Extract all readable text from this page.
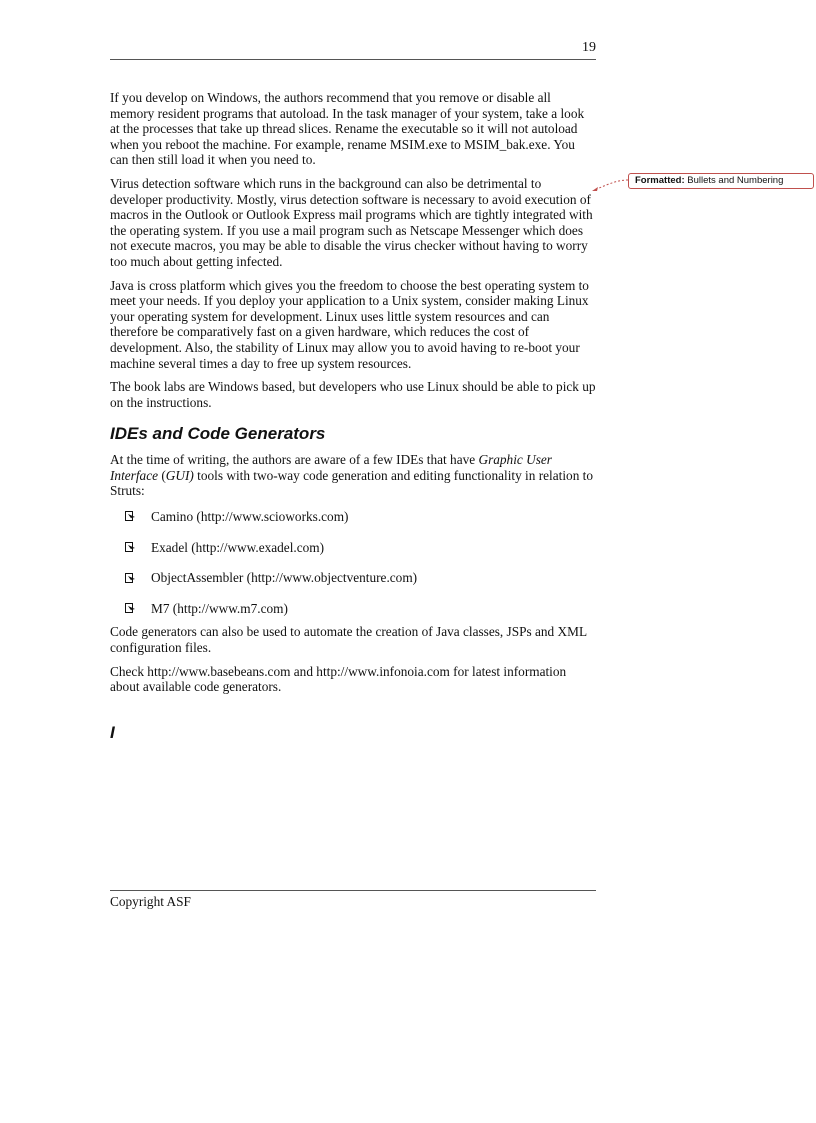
19

If you develop on Windows, the authors recommend that you remove or disable all memory resident programs that autoload. In the task manager of your system, take a look at the processes that take up thread slices. Rename the executable so it will not autoload when you reboot the machine. For example, rename MSIM.exe to MSIM_bak.exe. You can then still load it when you need to.

Virus detection software which runs in the background can also be detrimental to developer productivity. Mostly, virus detection software is necessary to avoid execution of macros in the Outlook or Outlook Express mail programs which are tightly integrated with the operating system. If you use a mail program such as Netscape Messenger which does not execute macros, you may be able to disable the virus checker without having to worry too much about getting infected.

Java is cross platform which gives you the freedom to choose the best operating system to meet your needs. If you deploy your application to a Unix system, consider making Linux your operating system for development. Linux uses little system resources and can therefore be comparatively fast on a given hardware, which reduces the cost of development. Also, the stability of Linux may allow you to avoid having to re-boot your machine several times a day to free up system resources.

The book labs are Windows based, but developers who use Linux should be able to pick up on the instructions.

IDEs and Code Generators

At the time of writing, the authors are aware of a few IDEs that have Graphic User Interface (GUI) tools with two-way code generation and editing functionality in relation to Struts:

Camino (http://www.scioworks.com)
Exadel (http://www.exadel.com)
ObjectAssembler (http://www.objectventure.com)
M7 (http://www.m7.com)

Code generators can also be used to automate the creation of Java classes, JSPs and XML configuration files.

Check http://www.basebeans.com and http://www.infonoia.com for latest information about available code generators.

I
Formatted: Bullets and Numbering
Copyright ASF
